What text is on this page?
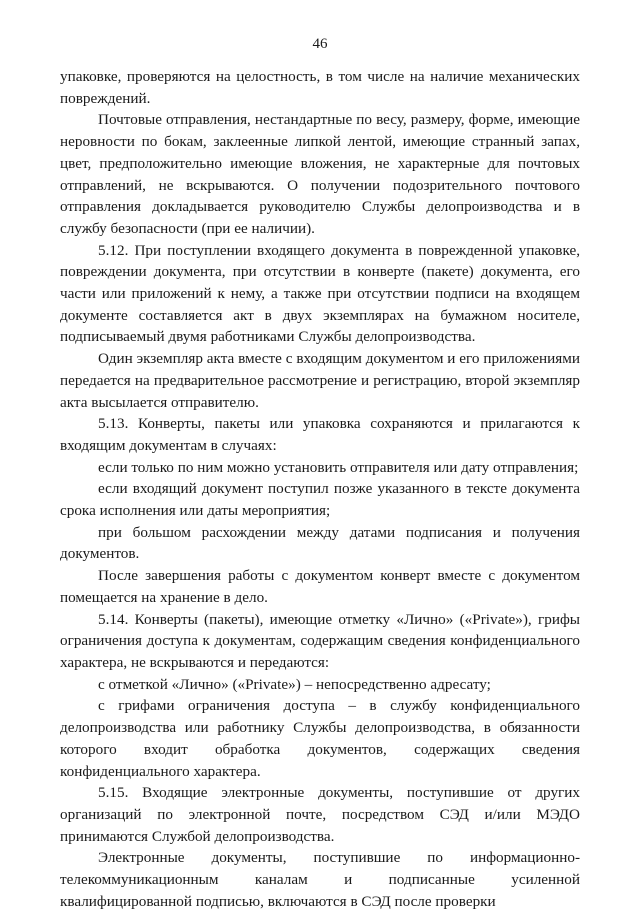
46

упаковке, проверяются на целостность, в том числе на наличие механических повреждений.

Почтовые отправления, нестандартные по весу, размеру, форме, имеющие неровности по бокам, заклеенные липкой лентой, имеющие странный запах, цвет, предположительно имеющие вложения, не характерные для почтовых отправлений, не вскрываются. О получении подозрительного почтового отправления докладывается руководителю Службы делопроизводства и в службу безопасности (при ее наличии).

5.12. При поступлении входящего документа в поврежденной упаковке, повреждении документа, при отсутствии в конверте (пакете) документа, его части или приложений к нему, а также при отсутствии подписи на входящем документе составляется акт в двух экземплярах на бумажном носителе, подписываемый двумя работниками Службы делопроизводства.

Один экземпляр акта вместе с входящим документом и его приложениями передается на предварительное рассмотрение и регистрацию, второй экземпляр акта высылается отправителю.

5.13. Конверты, пакеты или упаковка сохраняются и прилагаются к входящим документам в случаях:

если только по ним можно установить отправителя или дату отправления;

если входящий документ поступил позже указанного в тексте документа срока исполнения или даты мероприятия;

при большом расхождении между датами подписания и получения документов.

После завершения работы с документом конверт вместе с документом помещается на хранение в дело.

5.14. Конверты (пакеты), имеющие отметку «Лично» («Private»), грифы ограничения доступа к документам, содержащим сведения конфиденциального характера, не вскрываются и передаются:

с отметкой «Лично» («Private») – непосредственно адресату;

с грифами ограничения доступа – в службу конфиденциального делопроизводства или работнику Службы делопроизводства, в обязанности которого входит обработка документов, содержащих сведения конфиденциального характера.

5.15. Входящие электронные документы, поступившие от других организаций по электронной почте, посредством СЭД и/или МЭДО принимаются Службой делопроизводства.

Электронные документы, поступившие по информационно-телекоммуникационным каналам и подписанные усиленной квалифицированной подписью, включаются в СЭД после проверки
